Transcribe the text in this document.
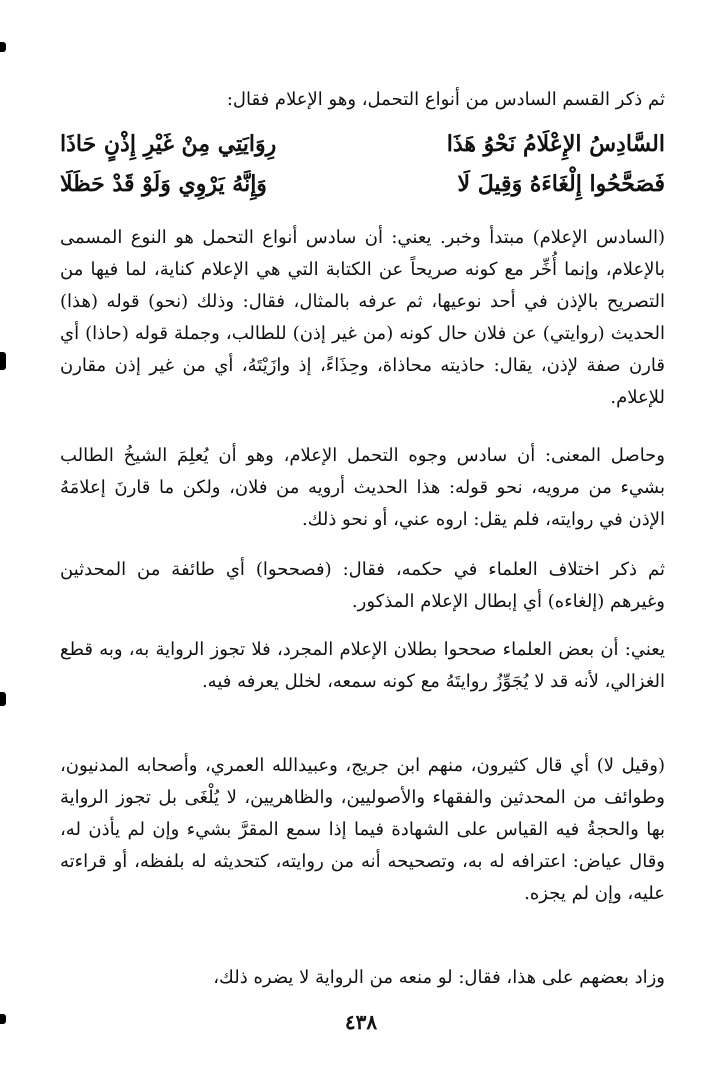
ثم ذكر القسم السادس من أنواع التحمل، وهو الإعلام فقال:

السَّادِسُ الإِعْلَامُ نَحْوُ هَذَا
رِوَايَتِي مِنْ غَيْرِ إِذْنٍ حَاذَا
فَصَحَّحُوا إِلْغَاءَهُ وَقِيلَ لَا
وَإِنَّهُ يَرْوِي وَلَوْ قَدْ حَظَلَا

(السادس الإعلام) مبتدأ وخبر. يعني: أن سادس أنواع التحمل هو النوع المسمى بالإعلام، وإنما أُخِّر مع كونه صريحاً عن الكتابة التي هي الإعلام كناية، لما فيها من التصريح بالإذن في أحد نوعيها، ثم عرفه بالمثال، فقال: وذلك (نحو) قوله (هذا) الحديث (روايتي) عن فلان حال كونه (من غير إذن) للطالب، وجملة قوله (حاذا) أي قارن صفة لإذن، يقال: حاذيته محاذاة، وحِذَاءً، إذ وازَيْتَهُ، أي من غير إذن مقارن للإعلام.

وحاصل المعنى: أن سادس وجوه التحمل الإعلام، وهو أن يُعلِمَ الشيخُ الطالب بشيء من مرويه، نحو قوله: هذا الحديث أرويه من فلان، ولكن ما قارنَ إعلامَهُ الإذن في روايته، فلم يقل: اروه عني، أو نحو ذلك.

ثم ذكر اختلاف العلماء في حكمه، فقال: (فصححوا) أي طائفة من المحدثين وغيرهم (إلغاءه) أي إبطال الإعلام المذكور.

يعني: أن بعض العلماء صححوا بطلان الإعلام المجرد، فلا تجوز الرواية به، وبه قطع الغزالي، لأنه قد لا يُجَوِّزُ روايتَهُ مع كونه سمعه، لخلل يعرفه فيه.

(وقيل لا) أي قال كثيرون، منهم ابن جريج، وعبيدالله العمري، وأصحابه المدنيون، وطوائف من المحدثين والفقهاء والأصوليين، والظاهريين، لا يُلْغَى بل تجوز الرواية بها والحجةُ فيه القياس على الشهادة فيما إذا سمع المقرَّ بشيء وإن لم يأذن له، وقال عياض: اعترافه له به، وتصحيحه أنه من روايته، كتحديثه له بلفظه، أو قراءته عليه، وإن لم يجزه.

وزاد بعضهم على هذا، فقال: لو منعه من الرواية لا يضره ذلك،

٤٣٨
